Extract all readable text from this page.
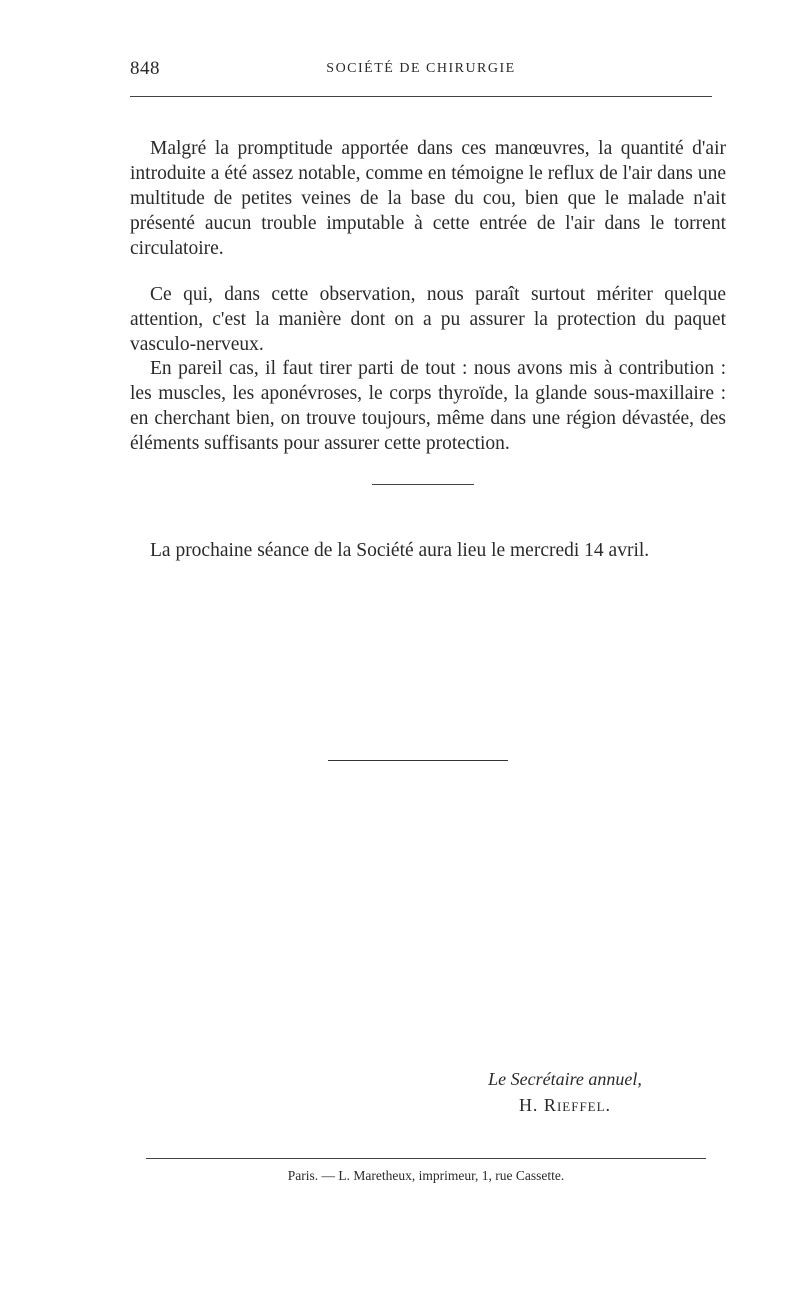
848	SOCIÉTÉ DE CHIRURGIE

Malgré la promptitude apportée dans ces manœuvres, la quantité d'air introduite a été assez notable, comme en témoigne le reflux de l'air dans une multitude de petites veines de la base du cou, bien que le malade n'ait présenté aucun trouble imputable à cette entrée de l'air dans le torrent circulatoire.

Ce qui, dans cette observation, nous paraît surtout mériter quelque attention, c'est la manière dont on a pu assurer la protection du paquet vasculo-nerveux.

En pareil cas, il faut tirer parti de tout : nous avons mis à contribution : les muscles, les aponévroses, le corps thyroïde, la glande sous-maxillaire : en cherchant bien, on trouve toujours, même dans une région dévastée, des éléments suffisants pour assurer cette protection.

La prochaine séance de la Société aura lieu le mercredi 14 avril.

Le Secrétaire annuel,
H. Rieffel.
Paris. — L. Maretheux, imprimeur, 1, rue Cassette.
